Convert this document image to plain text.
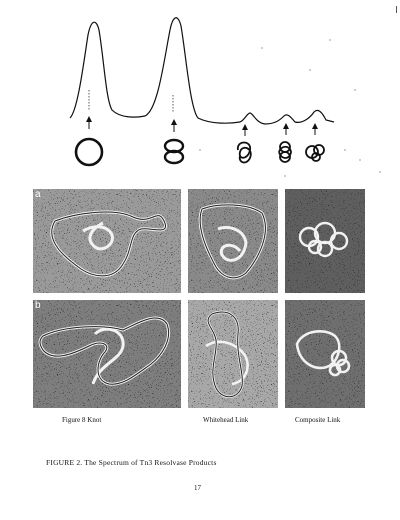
a
b
Figure 8 Knot	Whitehead Link	Composite Link
FIGURE 2. The Spectrum of Tn3 Resolvase Products
17
